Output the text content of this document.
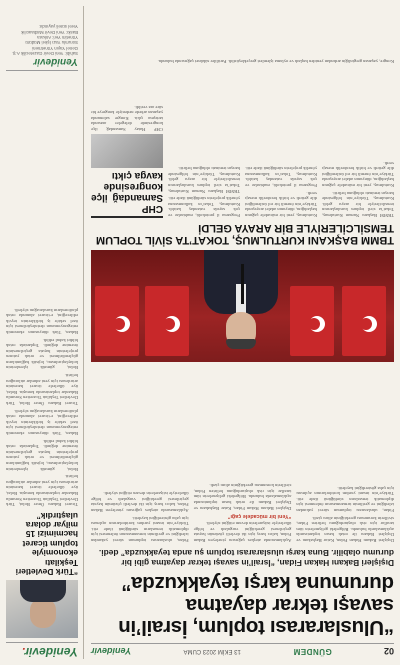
02
GÜNDEM
13 EKİM 2023 CUMA
Yenidevir
“Uluslararası toplum, İsrail’in savaşı tekrar dayatma durumuna karşı teyakkuzda”
Dışişleri Bakanı Hakan Fidan, “İsrail’in savaşı tekrar dayatma gibi bir durumu olabilir. Buna karşı uluslararası toplum şu anda teyakkuzda” dedi.

Dışişleri Bakanı Hakan Fidan, Katar Başbakanı ve Dışişleri Bakanı ile ortak basın toplantısında açıklamalarda bulundu. Bölgedeki gelişmelerin tüm taraflar için risk oluşturduğunu belirten Fidan, sivillerin korunması gerektiğinin altını çizdi.

Fidan, uluslararası toplumun süreci yakından izlediğini ve gerilimin tırmanmasının önlenmesi için diplomatik temasların sürdüğünü ifade etti. Türkiye’nin insani yardım koridorlarının açılması için çaba gösterdiğini kaydetti.

Açıklamasında ateşkes çağrısını yineleyen Bakan Fidan, kalıcı barış için iki devletli çözümün hayata geçirilmesi gerektiğini vurguladı ve bölge ülkeleriyle istişarelerin devam ettiğini söyledi.

“Yeni bir mücadele çağı”

Dışişleri Bakanı Hakan Fidan, Katar Başbakanı ve Dışişleri Bakanı ile ortak basın toplantısında açıklamalarda bulundu. Bölgedeki gelişmelerin tüm taraflar için risk oluşturduğunu belirten Fidan, sivillerin korunması gerektiğinin altını çizdi.

Fidan, uluslararası toplumun süreci yakından izlediğini ve gerilimin tırmanmasının önlenmesi için diplomatik temasların sürdüğünü ifade etti. Türkiye’nin insani yardım koridorlarının açılması için çaba gösterdiğini kaydetti.

Açıklamasında ateşkes çağrısını yineleyen Bakan Fidan, kalıcı barış için iki devletli çözümün hayata geçirilmesi gerektiğini vurguladı ve bölge ülkeleriyle istişarelerin devam ettiğini söyledi.

TBMM BAŞKANI KURTULMUŞ, TOKAT’TA SİVİL TOPLUM TEMSİLCİLERİYLE BİR ARAYA GELDİ

TBMM Başkanı Numan Kurtulmuş, Tokat’ta sivil toplum kuruluşlarının temsilcileriyle bir araya geldi. Kurtulmuş, Türkiye’nin bölgesinde barışın teminatı olduğunu belirtti.

Kurtulmuş, yeni bir mücadele çağının başladığını, dünyanın adalet arayışında Türkiye’nin önemli bir rol üstlendiğini dile getirdi ve birlik beraberlik mesajı verdi.

Kurtulmuş, yeni bir mücadele çağının başladığını, dünyanın adalet arayışında Türkiye’nin önemli bir rol üstlendiğini dile getirdi ve birlik beraberlik mesajı verdi.

Programa il protokolü, muhtarlar ve çok sayıda vatandaş katıldı. Kurtulmuş, Tokat’ın kalkınmasına yönelik projelerin sürdüğünü ifade etti.

Programa il protokolü, muhtarlar ve çok sayıda vatandaş katıldı. Kurtulmuş, Tokat’ın kalkınmasına yönelik projelerin sürdüğünü ifade etti.

TBMM Başkanı Numan Kurtulmuş, Tokat’ta sivil toplum kuruluşlarının temsilcileriyle bir araya geldi. Kurtulmuş, Türkiye’nin bölgesinde barışın teminatı olduğunu belirtti.

CHP Samandağ ilçe kongresinde kavga çıktı

CHP Hatay Samandağ ilçe kongresinde delegeler arasında tartışma çıktı. Kongre salonunda yaşanan arbede nedeniyle kongreye bir süre ara verildi.

Kongre, yaşanan gerginliğin ardından yeniden başladı ve oylama işlemleri gerçekleştirildi. Partililer sükûnet çağrısında bulundu.
Yenidevir.
“Türk Devletleri Teşkilatı ekonomiyle toplum ticaret hacmimizi 15 milyar dolara ulaştırdık”

Ticaret Bakanı Ömer Bolat, Türk Devletleri Teşkilatı Ticaretten Sorumlu Bakanlar toplantısında konuştu. Bolat, üye ülkelerle ticaret hacminin artırılması için yeni adımlar atılacağını belirtti.

Bolat, gümrük işlemlerinin kolaylaştırılması, lojistik bağlantıların güçlendirilmesi ve ortak yatırım projelerinin hayata geçirilmesinin önemine değindi. Toplantıda ortak bildiri kabul edildi.

Bakan, Türk dünyasının ekonomik entegrasyonunun derinleştirilmesi için özel sektör iş birliklerinin teşvik edileceğini, e-ticaret alanında ortak platformların kurulacağını söyledi.

Ticaret Bakanı Ömer Bolat, Türk Devletleri Teşkilatı Ticaretten Sorumlu Bakanlar toplantısında konuştu. Bolat, üye ülkelerle ticaret hacminin artırılması için yeni adımlar atılacağını belirtti.

Bolat, gümrük işlemlerinin kolaylaştırılması, lojistik bağlantıların güçlendirilmesi ve ortak yatırım projelerinin hayata geçirilmesinin önemine değindi. Toplantıda ortak bildiri kabul edildi.

Bakan, Türk dünyasının ekonomik entegrasyonunun derinleştirilmesi için özel sektör iş birliklerinin teşvik edileceğini, e-ticaret alanında ortak platformların kurulacağını söyledi.

Yenidevir
Sahibi: Yeni Devir Gazetecilik A.Ş.
Genel Yayın Yönetmeni
Sorumlu Yazı İşleri Müdürü
Yönetim Yeri: Ankara
Baskı: Yeni Devir Matbaacılık
Yerel süreli yayındır.
